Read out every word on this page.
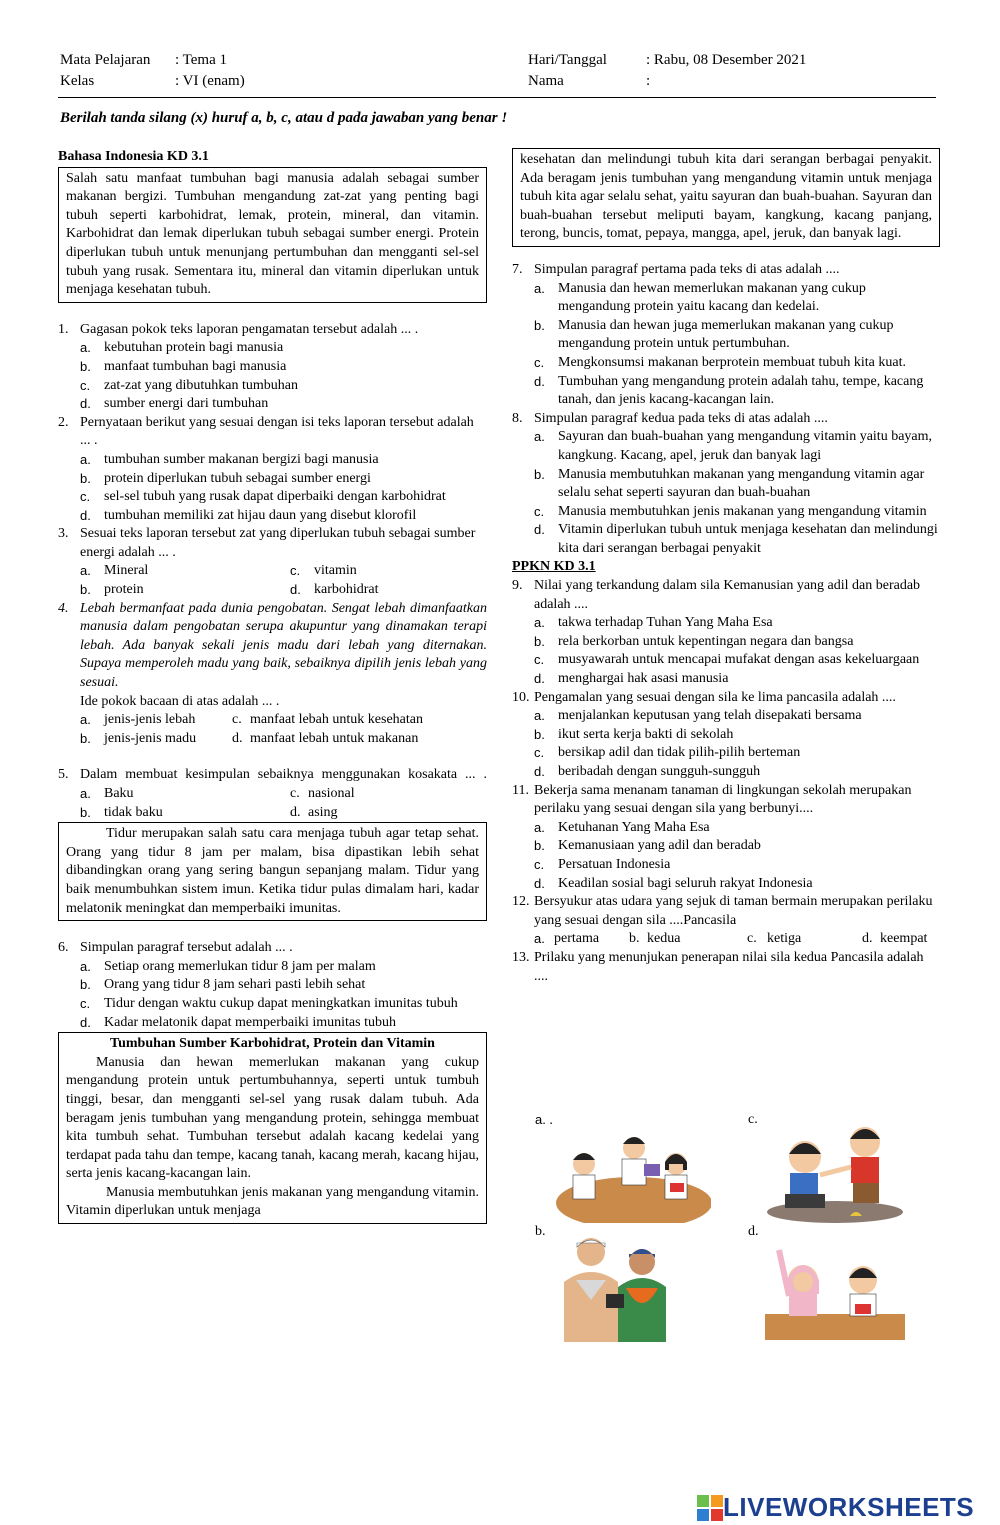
Mata Pelajaran : Tema 1
Kelas	: VI (enam)
Hari/Tanggal	: Rabu, 08 Desember 2021
Nama	:
Berilah tanda silang (x) huruf a, b, c, atau d pada jawaban yang benar !
Bahasa Indonesia KD 3.1
Salah satu manfaat tumbuhan bagi manusia adalah sebagai sumber makanan bergizi. Tumbuhan mengandung zat-zat yang penting bagi tubuh seperti karbohidrat, lemak, protein, mineral, dan vitamin. Karbohidrat dan lemak diperlukan tubuh sebagai sumber energi. Protein diperlukan tubuh untuk menunjang pertumbuhan dan mengganti sel-sel tubuh yang rusak. Sementara itu, mineral dan vitamin diperlukan untuk menjaga kesehatan tubuh.
1. Gagasan pokok teks laporan pengamatan tersebut adalah ... .
a. kebutuhan protein bagi manusia
b. manfaat tumbuhan bagi manusia
c. zat-zat yang dibutuhkan tumbuhan
d. sumber energi dari tumbuhan
2. Pernyataan berikut yang sesuai dengan isi teks laporan tersebut adalah ... .
a. tumbuhan sumber makanan bergizi bagi manusia
b. protein diperlukan tubuh sebagai sumber energi
c. sel-sel tubuh yang rusak dapat diperbaiki dengan karbohidrat
d. tumbuhan memiliki zat hijau daun yang disebut klorofil
3. Sesuai teks laporan tersebut zat yang diperlukan tubuh sebagai sumber energi adalah ... .
a. Mineral	c. vitamin
b. protein	d. karbohidrat
4. Lebah bermanfaat pada dunia pengobatan. Sengat lebah dimanfaatkan manusia dalam pengobatan serupa akupuntur yang dinamakan terapi lebah. Ada banyak sekali jenis madu dari lebah yang diternakan. Supaya memperoleh madu yang baik, sebaiknya dipilih jenis lebah yang sesuai.
Ide pokok bacaan di atas adalah ... .
a. jenis-jenis lebah	c. manfaat lebah untuk kesehatan
b. jenis-jenis madu	d. manfaat lebah untuk makanan
5. Dalam membuat kesimpulan sebaiknya menggunakan kosakata ... .
a. Baku	c. nasional
b. tidak baku	d. asing
Tidur merupakan salah satu cara menjaga tubuh agar tetap sehat. Orang yang tidur 8 jam per malam, bisa dipastikan lebih sehat dibandingkan orang yang sering bangun sepanjang malam. Tidur yang baik menumbuhkan sistem imun. Ketika tidur pulas dimalam hari, kadar melatonik meningkat dan memperbaiki imunitas.
6. Simpulan paragraf tersebut adalah ... .
a. Setiap orang memerlukan tidur 8 jam per malam
b. Orang yang tidur 8 jam sehari pasti lebih sehat
c. Tidur dengan waktu cukup dapat meningkatkan imunitas tubuh
d. Kadar melatonik dapat memperbaiki imunitas tubuh
Tumbuhan Sumber Karbohidrat, Protein dan Vitamin
Manusia dan hewan memerlukan makanan yang cukup mengandung protein untuk pertumbuhannya, seperti untuk tumbuh tinggi, besar, dan mengganti sel-sel yang rusak dalam tubuh. Ada beragam jenis tumbuhan yang mengandung protein, sehingga membuat kita tumbuh sehat. Tumbuhan tersebut adalah kacang kedelai yang terdapat pada tahu dan tempe, kacang tanah, kacang merah, kacang hijau, serta jenis kacang-kacangan lain.
Manusia membutuhkan jenis makanan yang mengandung vitamin. Vitamin diperlukan untuk menjaga
kesehatan dan melindungi tubuh kita dari serangan berbagai penyakit. Ada beragam jenis tumbuhan yang mengandung vitamin untuk menjaga tubuh kita agar selalu sehat, yaitu sayuran dan buah-buahan. Sayuran dan buah-buahan tersebut meliputi bayam, kangkung, kacang panjang, terong, buncis, tomat, pepaya, mangga, apel, jeruk, dan banyak lagi.
7. Simpulan paragraf pertama pada teks di atas adalah ....
a. Manusia dan hewan memerlukan makanan yang cukup mengandung protein yaitu kacang dan kedelai.
b. Manusia dan hewan juga memerlukan makanan yang cukup mengandung protein untuk pertumbuhan.
c. Mengkonsumsi makanan berprotein membuat tubuh kita kuat.
d. Tumbuhan yang mengandung protein adalah tahu, tempe, kacang tanah, dan jenis kacang-kacangan lain.
8. Simpulan paragraf kedua pada teks di atas adalah ....
a. Sayuran dan buah-buahan yang mengandung vitamin yaitu bayam, kangkung. Kacang, apel, jeruk dan banyak lagi
b. Manusia membutuhkan makanan yang mengandung vitamin agar selalu sehat seperti sayuran dan buah-buahan
c. Manusia membutuhkan jenis makanan yang mengandung vitamin
d. Vitamin diperlukan tubuh untuk menjaga kesehatan dan melindungi kita dari serangan berbagai penyakit
PPKN KD 3.1
9. Nilai yang terkandung dalam sila Kemanusian yang adil dan beradab adalah ....
a. takwa terhadap Tuhan Yang Maha Esa
b. rela berkorban untuk kepentingan negara dan bangsa
c. musyawarah untuk mencapai mufakat dengan asas kekeluargaan
d. menghargai hak asasi manusia
10. Pengamalan yang sesuai dengan sila ke lima pancasila adalah ....
a. menjalankan keputusan yang telah disepakati bersama
b. ikut serta kerja bakti di sekolah
c. bersikap adil dan tidak pilih-pilih berteman
d. beribadah dengan sungguh-sungguh
11. Bekerja sama menanam tanaman di lingkungan sekolah merupakan perilaku yang sesuai dengan sila yang berbunyi....
a. Ketuhanan Yang Maha Esa
b. Kemanusiaan yang adil dan beradab
c. Persatuan Indonesia
d. Keadilan sosial bagi seluruh rakyat Indonesia
12. Bersyukur atas udara yang sejuk di taman bermain merupakan perilaku yang sesuai dengan sila ....Pancasila
a. pertama b. kedua	c. ketiga	d. keempat
13. Prilaku yang menunjukan penerapan nilai sila kedua Pancasila adalah ....
a. .	c.
b.	d.
LIVEWORKSHEETS
